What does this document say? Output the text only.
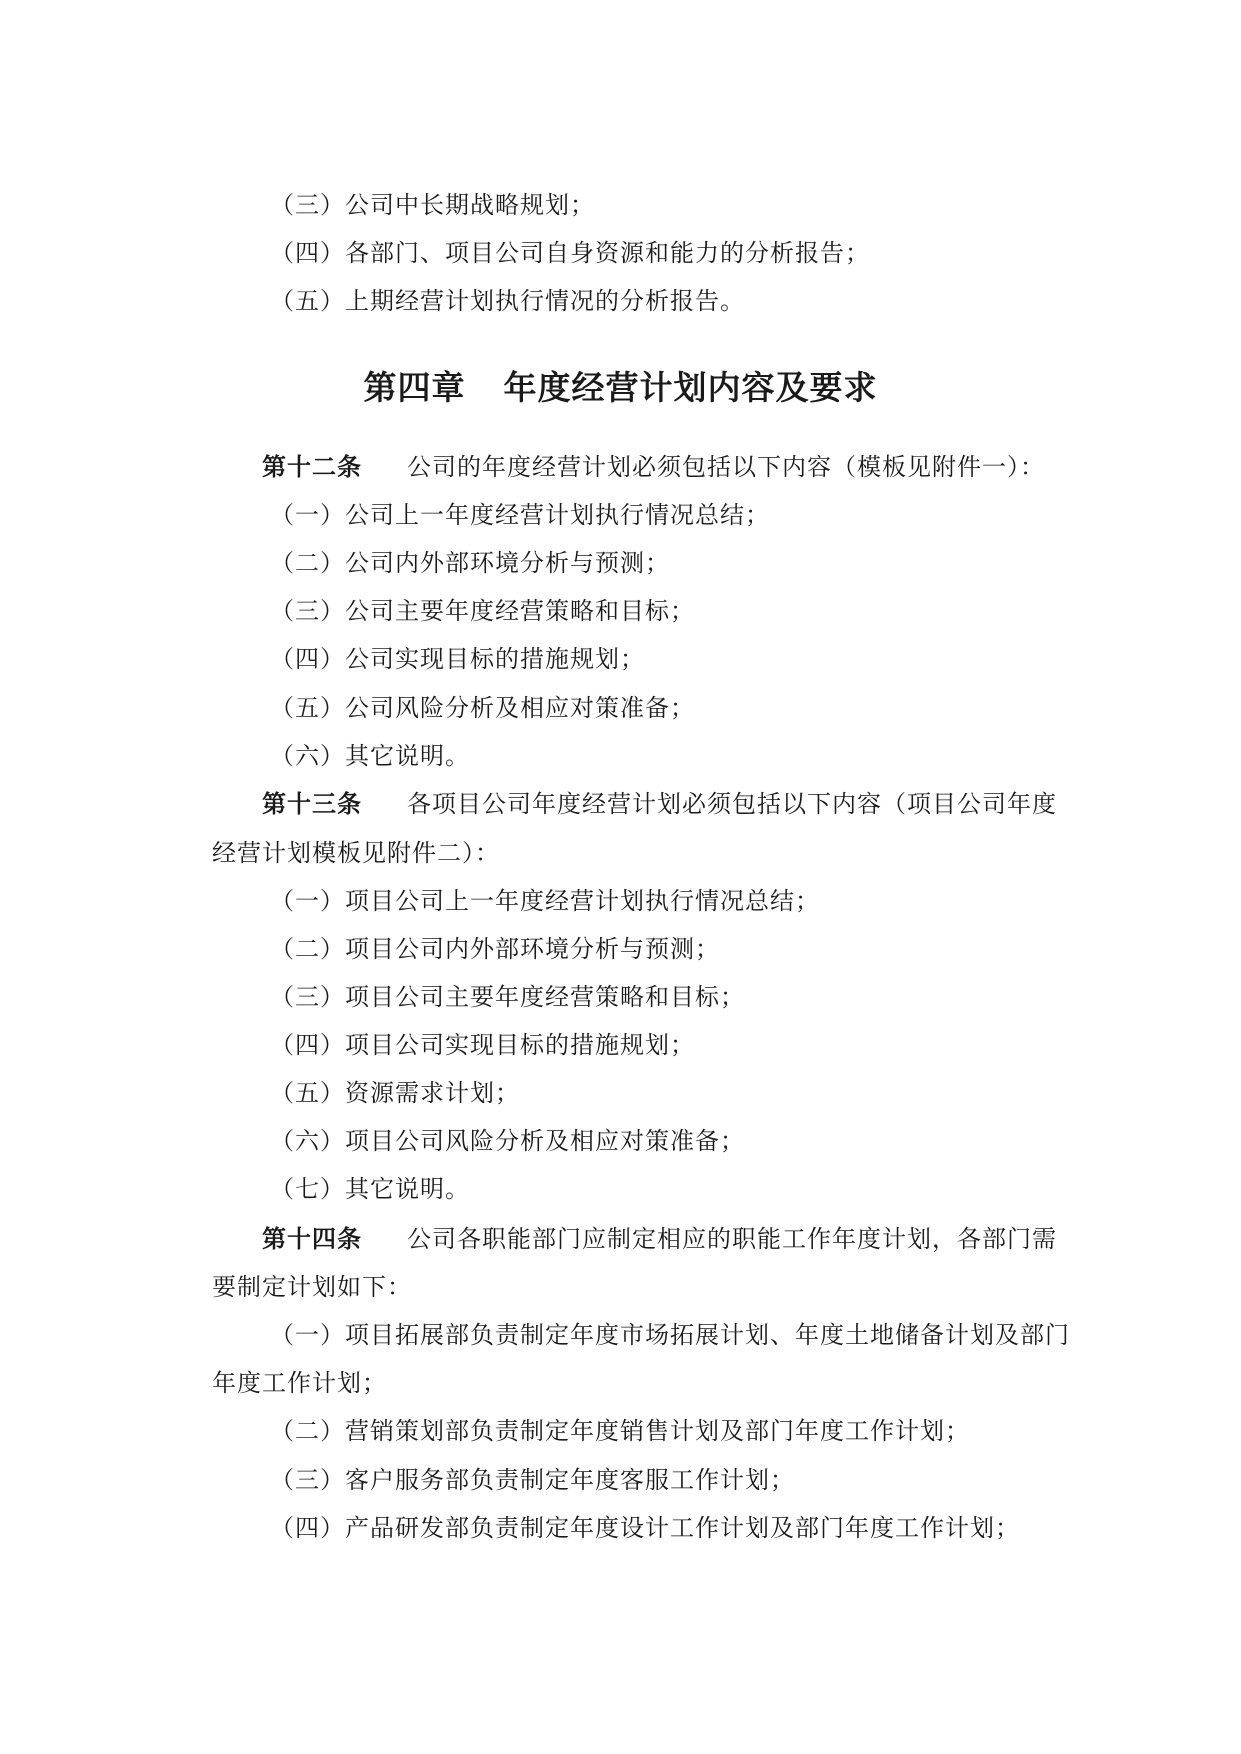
（三）公司中长期战略规划；
（四）各部门、项目公司自身资源和能力的分析报告；
（五）上期经营计划执行情况的分析报告。
第四章 年度经营计划内容及要求
第十二条 公司的年度经营计划必须包括以下内容（模板见附件一）：
（一）公司上一年度经营计划执行情况总结；
（二）公司内外部环境分析与预测；
（三）公司主要年度经营策略和目标；
（四）公司实现目标的措施规划；
（五）公司风险分析及相应对策准备；
（六）其它说明。
第十三条 各项目公司年度经营计划必须包括以下内容（项目公司年度
经营计划模板见附件二）：
（一）项目公司上一年度经营计划执行情况总结；
（二）项目公司内外部环境分析与预测；
（三）项目公司主要年度经营策略和目标；
（四）项目公司实现目标的措施规划；
（五）资源需求计划；
（六）项目公司风险分析及相应对策准备；
（七）其它说明。
第十四条 公司各职能部门应制定相应的职能工作年度计划，各部门需
要制定计划如下：
（一）项目拓展部负责制定年度市场拓展计划、年度土地储备计划及部门
年度工作计划；
（二）营销策划部负责制定年度销售计划及部门年度工作计划；
（三）客户服务部负责制定年度客服工作计划；
（四）产品研发部负责制定年度设计工作计划及部门年度工作计划；
